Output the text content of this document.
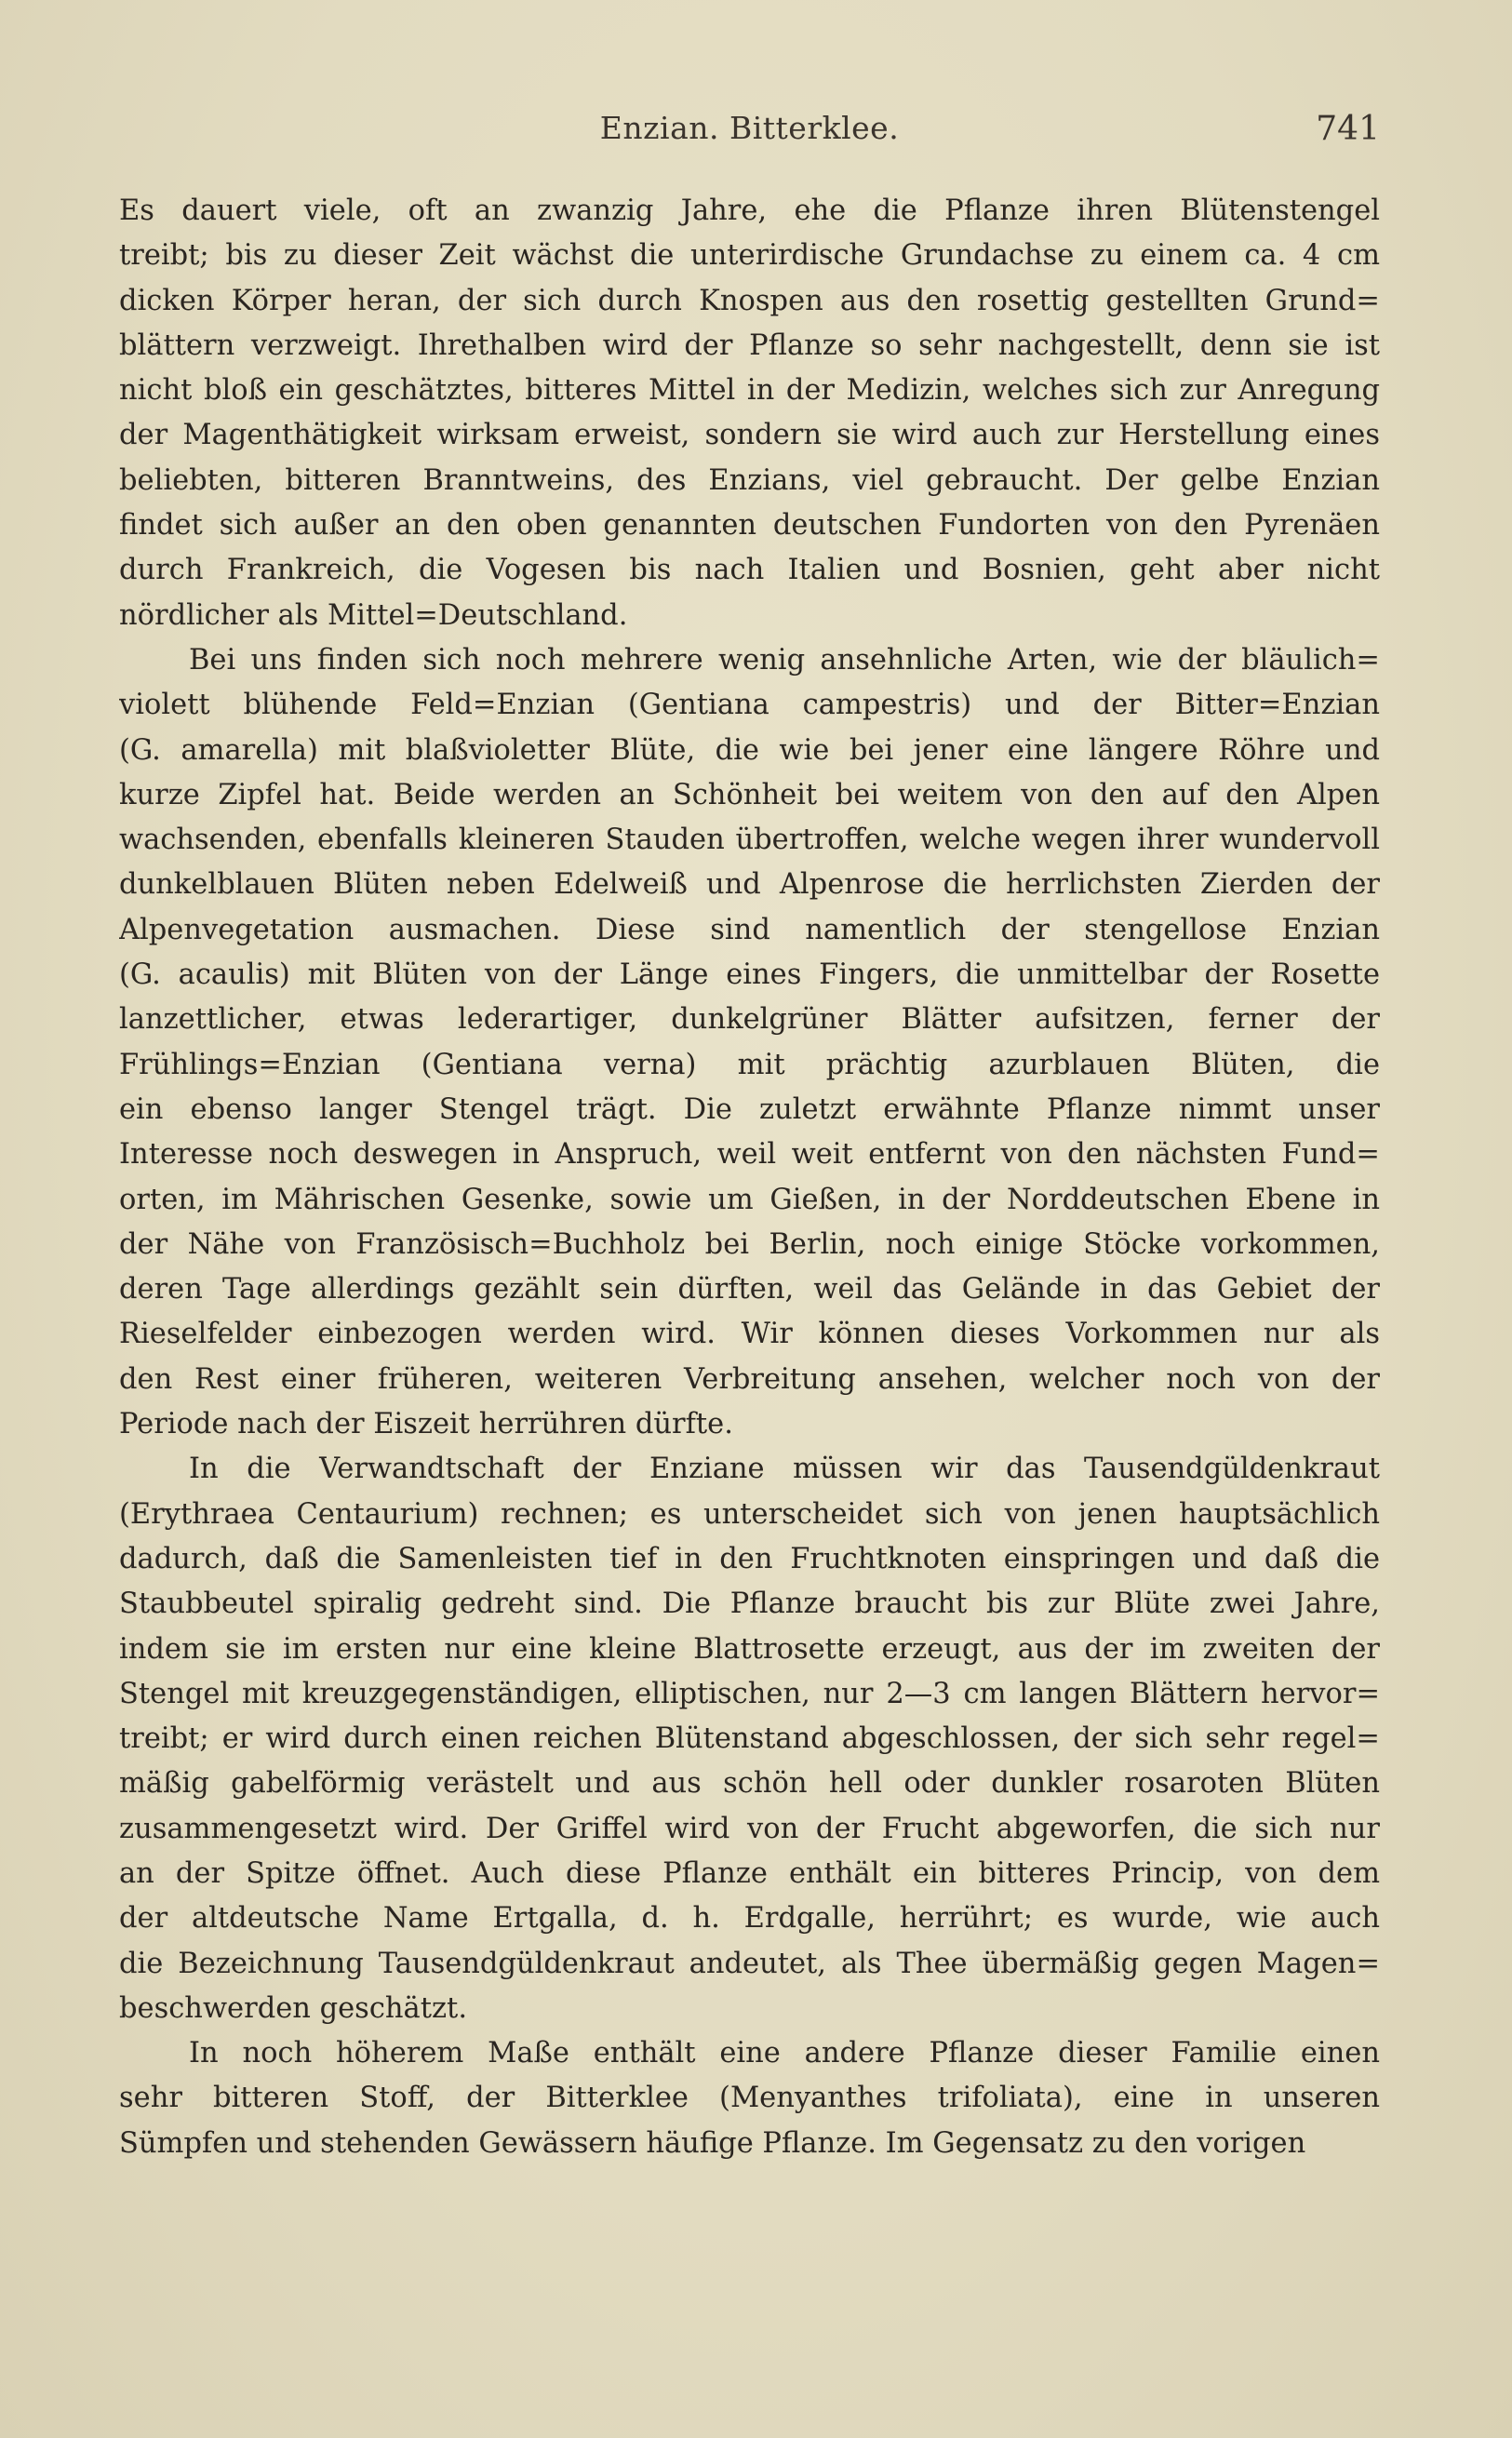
Enzian. Bitterklee.	741
Es dauert viele, oft an zwanzig Jahre, ehe die Pflanze ihren Blütenstengel
treibt; bis zu dieser Zeit wächst die unterirdische Grundachse zu einem ca. 4 cm
dicken Körper heran, der sich durch Knospen aus den rosettig gestellten Grund=
blättern verzweigt. Ihrethalben wird der Pflanze so sehr nachgestellt, denn sie ist
nicht bloß ein geschätztes, bitteres Mittel in der Medizin, welches sich zur Anregung
der Magenthätigkeit wirksam erweist, sondern sie wird auch zur Herstellung eines
beliebten, bitteren Branntweins, des Enzians, viel gebraucht. Der gelbe Enzian
findet sich außer an den oben genannten deutschen Fundorten von den Pyrenäen
durch Frankreich, die Vogesen bis nach Italien und Bosnien, geht aber nicht
nördlicher als Mittel=Deutschland.
Bei uns finden sich noch mehrere wenig ansehnliche Arten, wie der bläulich=
violett blühende Feld=Enzian (Gentiana campestris) und der Bitter=Enzian
(G. amarella) mit blaßvioletter Blüte, die wie bei jener eine längere Röhre und
kurze Zipfel hat. Beide werden an Schönheit bei weitem von den auf den Alpen
wachsenden, ebenfalls kleineren Stauden übertroffen, welche wegen ihrer wundervoll
dunkelblauen Blüten neben Edelweiß und Alpenrose die herrlichsten Zierden der
Alpenvegetation ausmachen. Diese sind namentlich der stengellose Enzian
(G. acaulis) mit Blüten von der Länge eines Fingers, die unmittelbar der Rosette
lanzettlicher, etwas lederartiger, dunkelgrüner Blätter aufsitzen, ferner der
Frühlings=Enzian (Gentiana verna) mit prächtig azurblauen Blüten, die
ein ebenso langer Stengel trägt. Die zuletzt erwähnte Pflanze nimmt unser
Interesse noch deswegen in Anspruch, weil weit entfernt von den nächsten Fund=
orten, im Mährischen Gesenke, sowie um Gießen, in der Norddeutschen Ebene in
der Nähe von Französisch=Buchholz bei Berlin, noch einige Stöcke vorkommen,
deren Tage allerdings gezählt sein dürften, weil das Gelände in das Gebiet der
Rieselfelder einbezogen werden wird. Wir können dieses Vorkommen nur als
den Rest einer früheren, weiteren Verbreitung ansehen, welcher noch von der
Periode nach der Eiszeit herrühren dürfte.
In die Verwandtschaft der Enziane müssen wir das Tausendgüldenkraut
(Erythraea Centaurium) rechnen; es unterscheidet sich von jenen hauptsächlich
dadurch, daß die Samenleisten tief in den Fruchtknoten einspringen und daß die
Staubbeutel spiralig gedreht sind. Die Pflanze braucht bis zur Blüte zwei Jahre,
indem sie im ersten nur eine kleine Blattrosette erzeugt, aus der im zweiten der
Stengel mit kreuzgegenständigen, elliptischen, nur 2—3 cm langen Blättern hervor=
treibt; er wird durch einen reichen Blütenstand abgeschlossen, der sich sehr regel=
mäßig gabelförmig verästelt und aus schön hell oder dunkler rosaroten Blüten
zusammengesetzt wird. Der Griffel wird von der Frucht abgeworfen, die sich nur
an der Spitze öffnet. Auch diese Pflanze enthält ein bitteres Princip, von dem
der altdeutsche Name Ertgalla, d. h. Erdgalle, herrührt; es wurde, wie auch
die Bezeichnung Tausendgüldenkraut andeutet, als Thee übermäßig gegen Magen=
beschwerden geschätzt.
In noch höherem Maße enthält eine andere Pflanze dieser Familie einen
sehr bitteren Stoff, der Bitterklee (Menyanthes trifoliata), eine in unseren
Sümpfen und stehenden Gewässern häufige Pflanze. Im Gegensatz zu den vorigen
